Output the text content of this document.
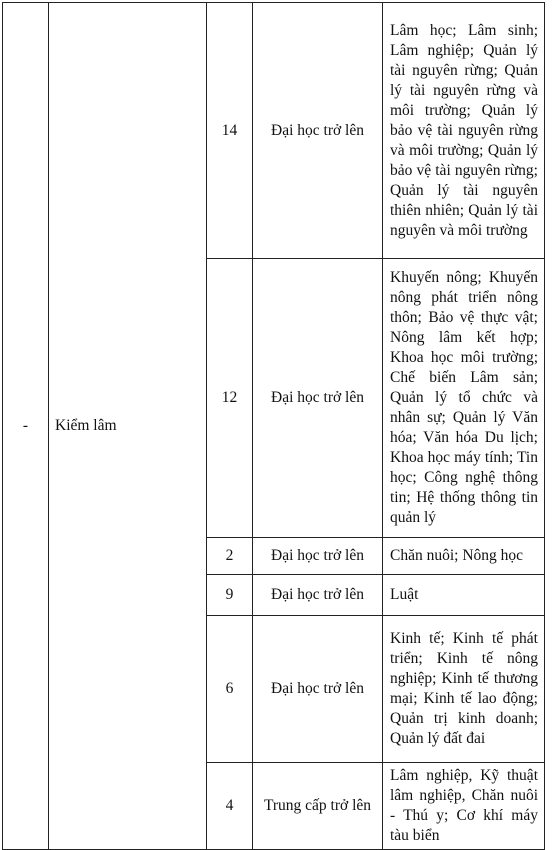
-	Kiểm lâm	14	Đại học trở lên	Lâm học; Lâm sinh; Lâm nghiệp; Quản lý tài nguyên rừng; Quản lý tài nguyên rừng và môi trường; Quản lý bảo vệ tài nguyên rừng và môi trường; Quản lý bảo vệ tài nguyên rừng; Quản lý tài nguyên thiên nhiên; Quản lý tài nguyên và môi trường
		12	Đại học trở lên	Khuyến nông; Khuyến nông phát triển nông thôn; Bảo vệ thực vật; Nông lâm kết hợp; Khoa học môi trường; Chế biến Lâm sản; Quản lý tổ chức và nhân sự; Quản lý Văn hóa; Văn hóa Du lịch; Khoa học máy tính; Tin học; Công nghệ thông tin; Hệ thống thông tin quản lý
		2	Đại học trở lên	Chăn nuôi; Nông học
		9	Đại học trở lên	Luật
		6	Đại học trở lên	Kinh tế; Kinh tế phát triển; Kinh tế nông nghiệp; Kinh tế thương mại; Kinh tế lao động; Quản trị kinh doanh; Quản lý đất đai
		4	Trung cấp trở lên	Lâm nghiệp, Kỹ thuật lâm nghiệp, Chăn nuôi - Thú y; Cơ khí máy tàu biển
